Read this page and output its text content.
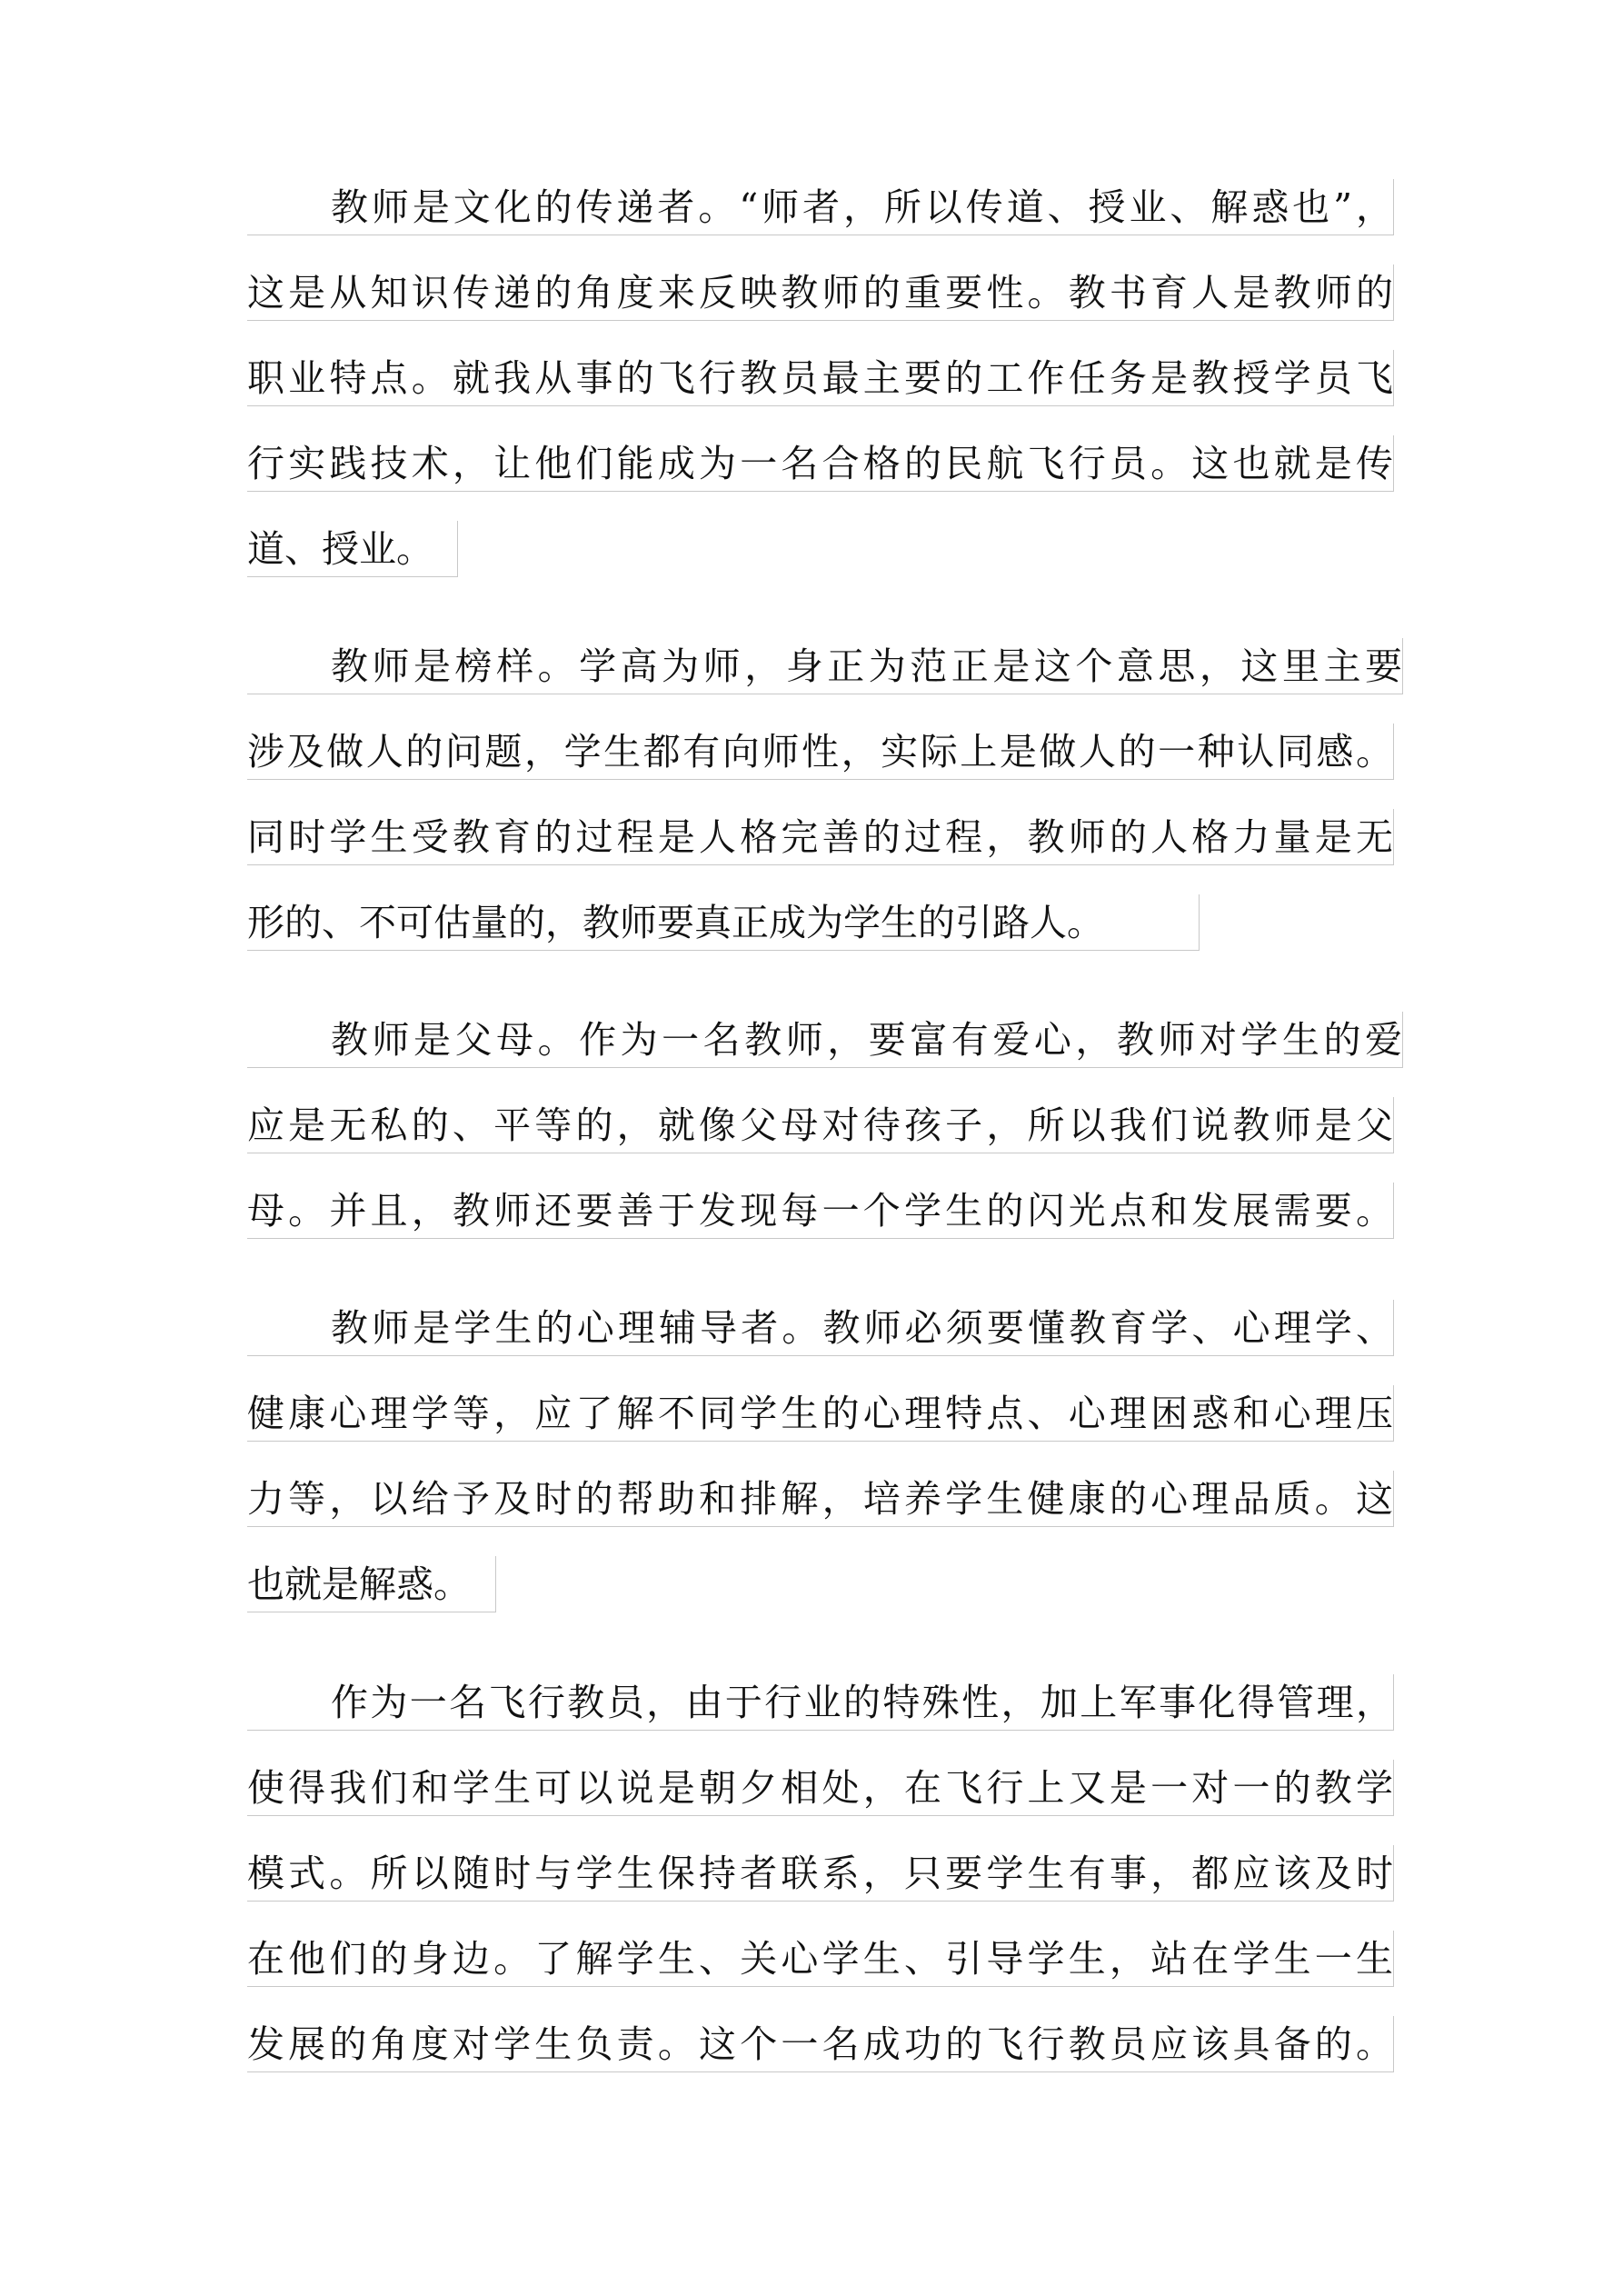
教师是文化的传递者。“师者，所以传道、授业、解惑也”，
这是从知识传递的角度来反映教师的重要性。教书育人是教师的
职业特点。就我从事的飞行教员最主要的工作任务是教授学员飞
行实践技术，让他们能成为一名合格的民航飞行员。这也就是传
道、授业。
教师是榜样。学高为师，身正为范正是这个意思，这里主要
涉及做人的问题，学生都有向师性，实际上是做人的一种认同感。
同时学生受教育的过程是人格完善的过程，教师的人格力量是无
形的、不可估量的，教师要真正成为学生的引路人。
教师是父母。作为一名教师，要富有爱心，教师对学生的爱
应是无私的、平等的，就像父母对待孩子，所以我们说教师是父
母。并且，教师还要善于发现每一个学生的闪光点和发展需要。
教师是学生的心理辅导者。教师必须要懂教育学、心理学、
健康心理学等，应了解不同学生的心理特点、心理困惑和心理压
力等，以给予及时的帮助和排解，培养学生健康的心理品质。这
也就是解惑。
作为一名飞行教员，由于行业的特殊性，加上军事化得管理，
使得我们和学生可以说是朝夕相处，在飞行上又是一对一的教学
模式。所以随时与学生保持者联系，只要学生有事，都应该及时
在他们的身边。了解学生、关心学生、引导学生，站在学生一生
发展的角度对学生负责。这个一名成功的飞行教员应该具备的。
